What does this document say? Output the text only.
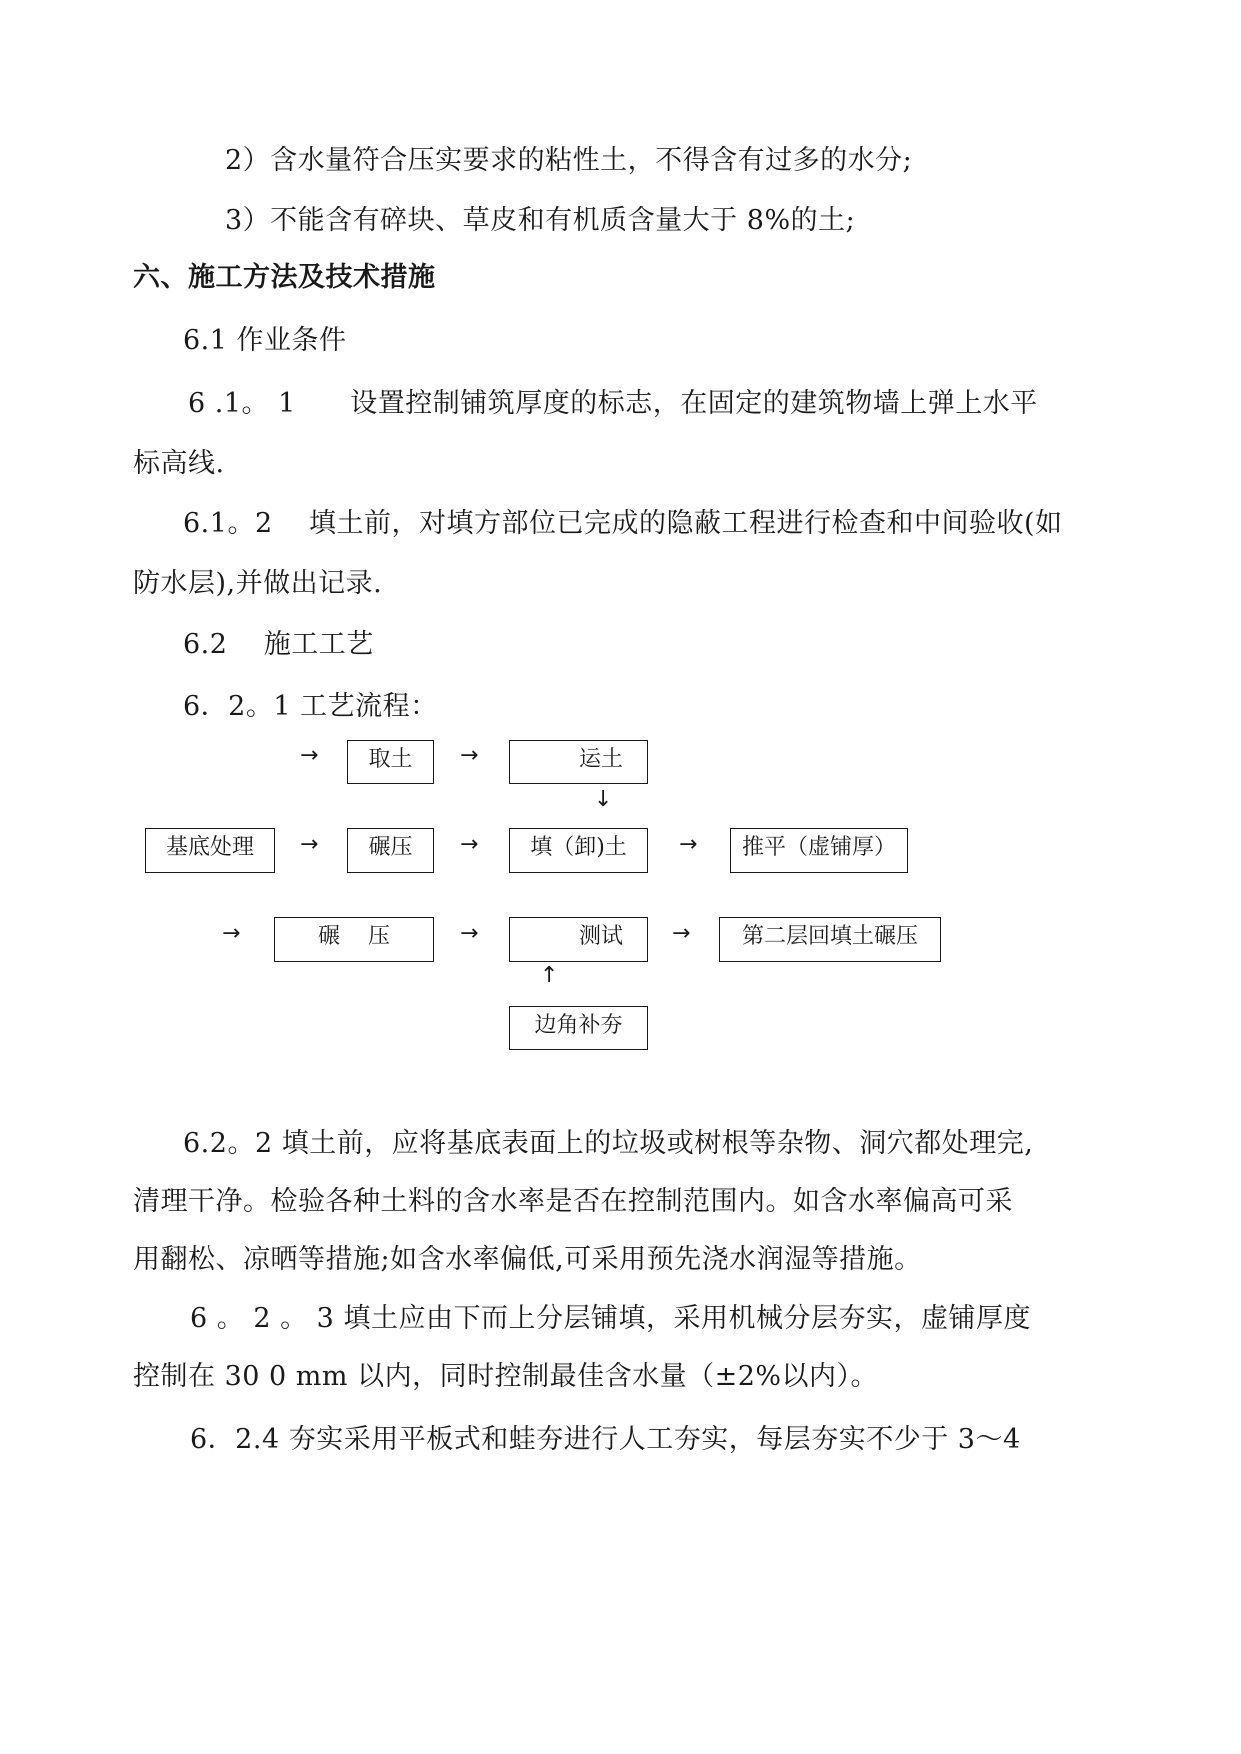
2）含水量符合压实要求的粘性土，不得含有过多的水分;
3）不能含有碎块、草皮和有机质含量大于 8%的土;
六、施工方法及技术措施
6.1 作业条件
6 .1。 1      设置控制铺筑厚度的标志，在固定的建筑物墙上弹上水平
标高线.
6.1。2    填土前，对填方部位已完成的隐蔽工程进行检查和中间验收(如
防水层),并做出记录.
6.2    施工工艺
6．2。1 工艺流程：
→	取土	→	运土
↓
基底处理	→	碾压	→	填（卸)土	→	推平（虚铺厚）
→	碾    压	→	测试	→	第二层回填土碾压
↑
边角补夯
6.2。2 填土前，应将基底表面上的垃圾或树根等杂物、洞穴都处理完,
清理干净。检验各种土料的含水率是否在控制范围内。如含水率偏高可采
用翻松、凉晒等措施;如含水率偏低,可采用预先浇水润湿等措施。
6 。 2 。 3 填土应由下而上分层铺填，采用机械分层夯实，虚铺厚度
控制在 30 0 mm 以内，同时控制最佳含水量（±2%以内）。
6．2.4 夯实采用平板式和蛙夯进行人工夯实，每层夯实不少于 3～4
